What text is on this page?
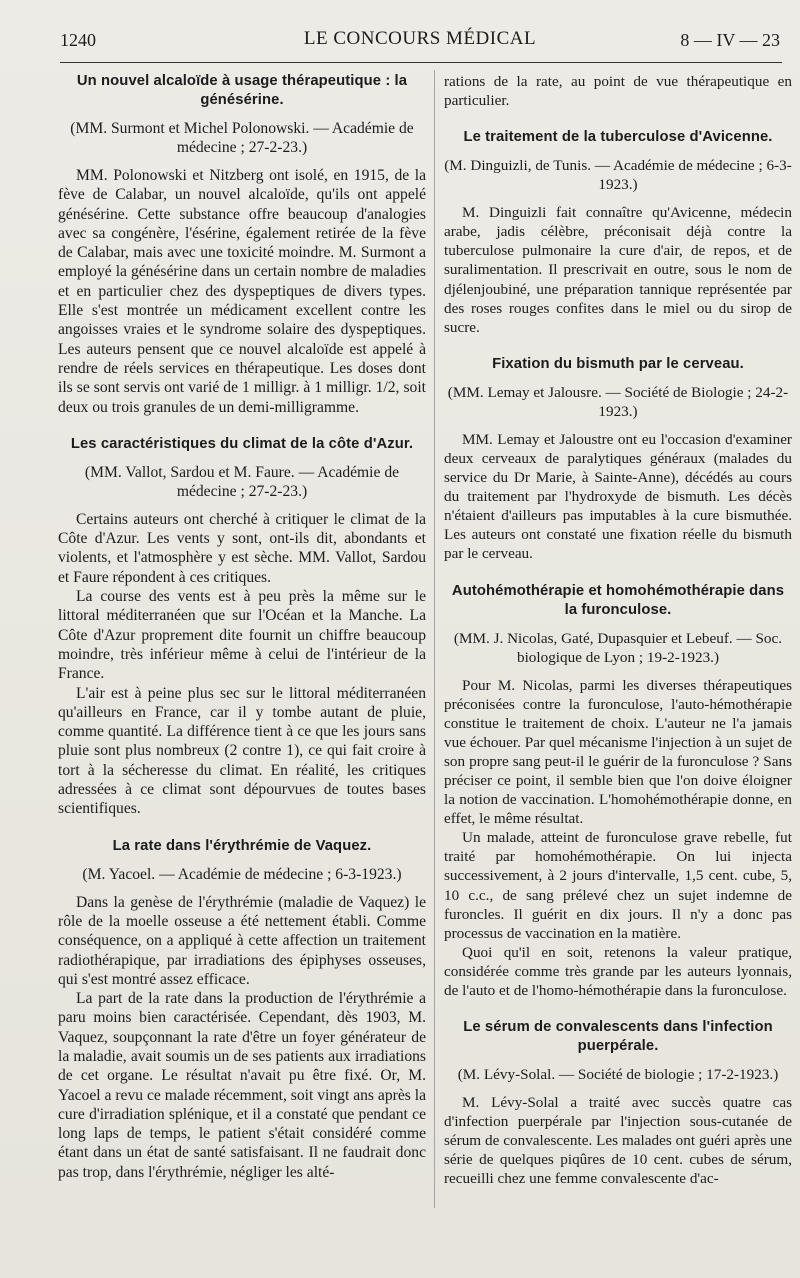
1240	LE CONCOURS MÉDICAL	8 — IV — 23
Un nouvel alcaloïde à usage thérapeutique : la génésérine.
(MM. Surmont et Michel Polonowski. — Académie de médecine ; 27-2-23.)

MM. Polonowski et Nitzberg ont isolé, en 1915, de la fève de Calabar, un nouvel alcaloïde, qu'ils ont appelé génésérine. Cette substance offre beaucoup d'analogies avec sa congénère, l'ésérine, également retirée de la fève de Calabar, mais avec une toxicité moindre. M. Surmont a employé la génésérine dans un certain nombre de maladies et en particulier chez des dyspeptiques de divers types. Elle s'est montrée un médicament excellent contre les angoisses vraies et le syndrome solaire des dyspeptiques. Les auteurs pensent que ce nouvel alcaloïde est appelé à rendre de réels services en thérapeutique. Les doses dont ils se sont servis ont varié de 1 milligr. à 1 milligr. 1/2, soit deux ou trois granules de un demi-milligramme.

Les caractéristiques du climat de la côte d'Azur.
(MM. Vallot, Sardou et M. Faure. — Académie de médecine ; 27-2-23.)

Certains auteurs ont cherché à critiquer le climat de la Côte d'Azur. Les vents y sont, ont-ils dit, abondants et violents, et l'atmosphère y est sèche. MM. Vallot, Sardou et Faure répondent à ces critiques.

La course des vents est à peu près la même sur le littoral méditerranéen que sur l'Océan et la Manche. La Côte d'Azur proprement dite fournit un chiffre beaucoup moindre, très inférieur même à celui de l'intérieur de la France.

L'air est à peine plus sec sur le littoral méditerranéen qu'ailleurs en France, car il y tombe autant de pluie, comme quantité. La différence tient à ce que les jours sans pluie sont plus nombreux (2 contre 1), ce qui fait croire à tort à la sécheresse du climat. En réalité, les critiques adressées à ce climat sont dépourvues de toutes bases scientifiques.

La rate dans l'érythrémie de Vaquez.
(M. Yacoel. — Académie de médecine ; 6-3-1923.)

Dans la genèse de l'érythrémie (maladie de Vaquez) le rôle de la moelle osseuse a été nettement établi. Comme conséquence, on a appliqué à cette affection un traitement radiothérapique, par irradiations des épiphyses osseuses, qui s'est montré assez efficace.

La part de la rate dans la production de l'érythrémie a paru moins bien caractérisée. Cependant, dès 1903, M. Vaquez, soupçonnant la rate d'être un foyer générateur de la maladie, avait soumis un de ses patients aux irradiations de cet organe. Le résultat n'avait pu être fixé. Or, M. Yacoel a revu ce malade récemment, soit vingt ans après la cure d'irradiation splénique, et il a constaté que pendant ce long laps de temps, le patient s'était considéré comme étant dans un état de santé satisfaisant. Il ne faudrait donc pas trop, dans l'érythrémie, négliger les alté-

rations de la rate, au point de vue thérapeutique en particulier.

Le traitement de la tuberculose d'Avicenne.
(M. Dinguizli, de Tunis. — Académie de médecine ; 6-3-1923.)

M. Dinguizli fait connaître qu'Avicenne, médecin arabe, jadis célèbre, préconisait déjà contre la tuberculose pulmonaire la cure d'air, de repos, et de suralimentation. Il prescrivait en outre, sous le nom de djélenjoubiné, une préparation tannique représentée par des roses rouges confites dans le miel ou du sirop de sucre.

Fixation du bismuth par le cerveau.
(MM. Lemay et Jalousre. — Société de Biologie ; 24-2-1923.)

MM. Lemay et Jaloustre ont eu l'occasion d'examiner deux cerveaux de paralytiques généraux (malades du service du Dr Marie, à Sainte-Anne), décédés au cours du traitement par l'hydroxyde de bismuth. Les décès n'étaient d'ailleurs pas imputables à la cure bismuthée. Les auteurs ont constaté une fixation réelle du bismuth par le cerveau.

Autohémothérapie et homohémothérapie dans la furonculose.
(MM. J. Nicolas, Gaté, Dupasquier et Lebeuf. — Soc. biologique de Lyon ; 19-2-1923.)

Pour M. Nicolas, parmi les diverses thérapeutiques préconisées contre la furonculose, l'auto-hémothérapie constitue le traitement de choix. L'auteur ne l'a jamais vue échouer. Par quel mécanisme l'injection à un sujet de son propre sang peut-il le guérir de la furonculose ? Sans préciser ce point, il semble bien que l'on doive éloigner la notion de vaccination. L'homohémothérapie donne, en effet, le même résultat.

Un malade, atteint de furonculose grave rebelle, fut traité par homohémothérapie. On lui injecta successivement, à 2 jours d'intervalle, 1,5 cent. cube, 5, 10 c.c., de sang prélevé chez un sujet indemne de furoncles. Il guérit en dix jours. Il n'y a donc pas processus de vaccination en la matière.

Quoi qu'il en soit, retenons la valeur pratique, considérée comme très grande par les auteurs lyonnais, de l'auto et de l'homo-hémothérapie dans la furonculose.

Le sérum de convalescents dans l'infection puerpérale.
(M. Lévy-Solal. — Société de biologie ; 17-2-1923.)

M. Lévy-Solal a traité avec succès quatre cas d'infection puerpérale par l'injection sous-cutanée de sérum de convalescente. Les malades ont guéri après une série de quelques piqûres de 10 cent. cubes de sérum, recueilli chez une femme convalescente d'ac-
